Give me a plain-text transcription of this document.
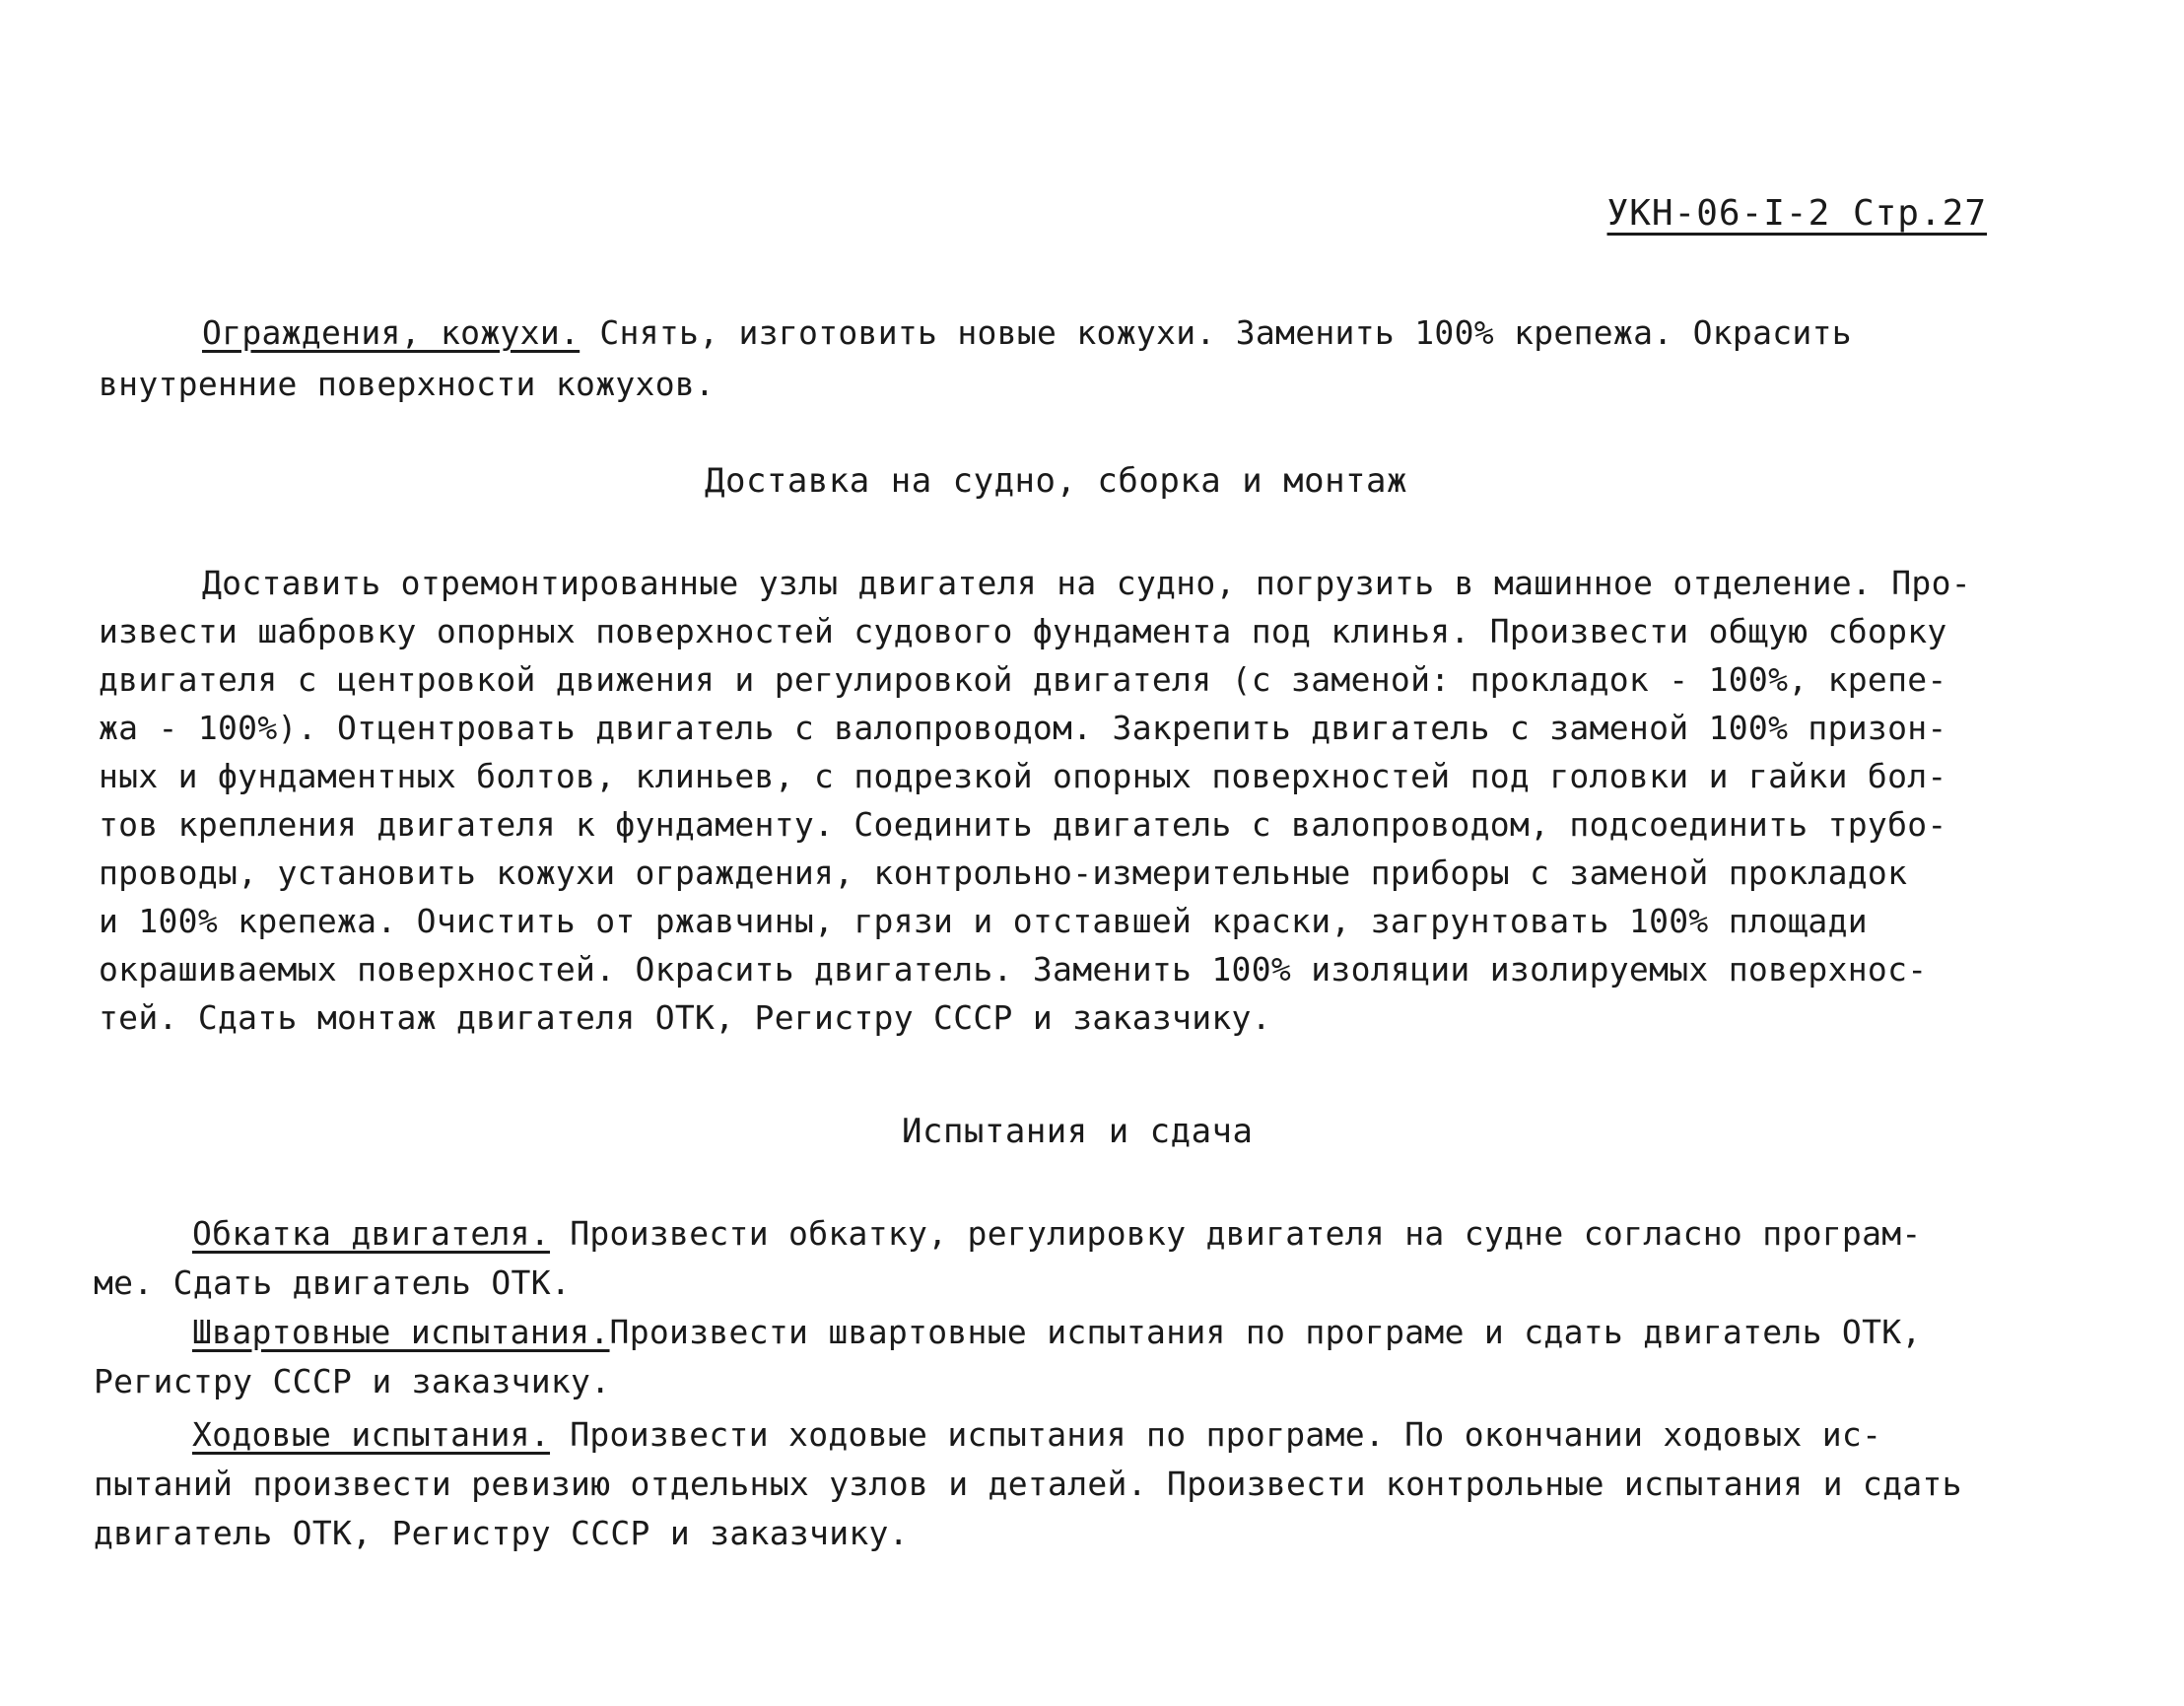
УКН-06-I-2 Стр.27
Ограждения, кожухи. Снять, изготовить новые кожухи. Заменить 100% крепежа. Окрасить
внутренние поверхности кожухов.
Доставка на судно, сборка и монтаж
Доставить отремонтированные узлы двигателя на судно, погрузить в машинное отделение. Про-
извести шабровку опорных поверхностей судового фундамента под клинья. Произвести общую сборку
двигателя с центровкой движения и регулировкой двигателя (с заменой: прокладок - 100%, крепе-
жа - 100%). Отцентровать двигатель с валопроводом. Закрепить двигатель с заменой 100% призон-
ных и фундаментных болтов, клиньев, с подрезкой опорных поверхностей под головки и гайки бол-
тов крепления двигателя к фундаменту. Соединить двигатель с валопроводом, подсоединить трубо-
проводы, установить кожухи ограждения, контрольно-измерительные приборы с заменой прокладок
и 100% крепежа. Очистить от ржавчины, грязи и отставшей краски, загрунтовать 100% площади
окрашиваемых поверхностей. Окрасить двигатель. Заменить 100% изоляции изолируемых поверхнос-
тей. Сдать монтаж двигателя ОТК, Регистру СССР и заказчику.
Испытания и сдача
Обкатка двигателя. Произвести обкатку, регулировку двигателя на судне согласно програм-
ме. Сдать двигатель ОТК.
Швартовные испытания.Произвести швартовные испытания по програме и сдать двигатель ОТК,
Регистру СССР и заказчику.
Ходовые испытания. Произвести ходовые испытания по програме. По окончании ходовых ис-
пытаний произвести ревизию отдельных узлов и деталей. Произвести контрольные испытания и сдать
двигатель ОТК, Регистру СССР и заказчику.
